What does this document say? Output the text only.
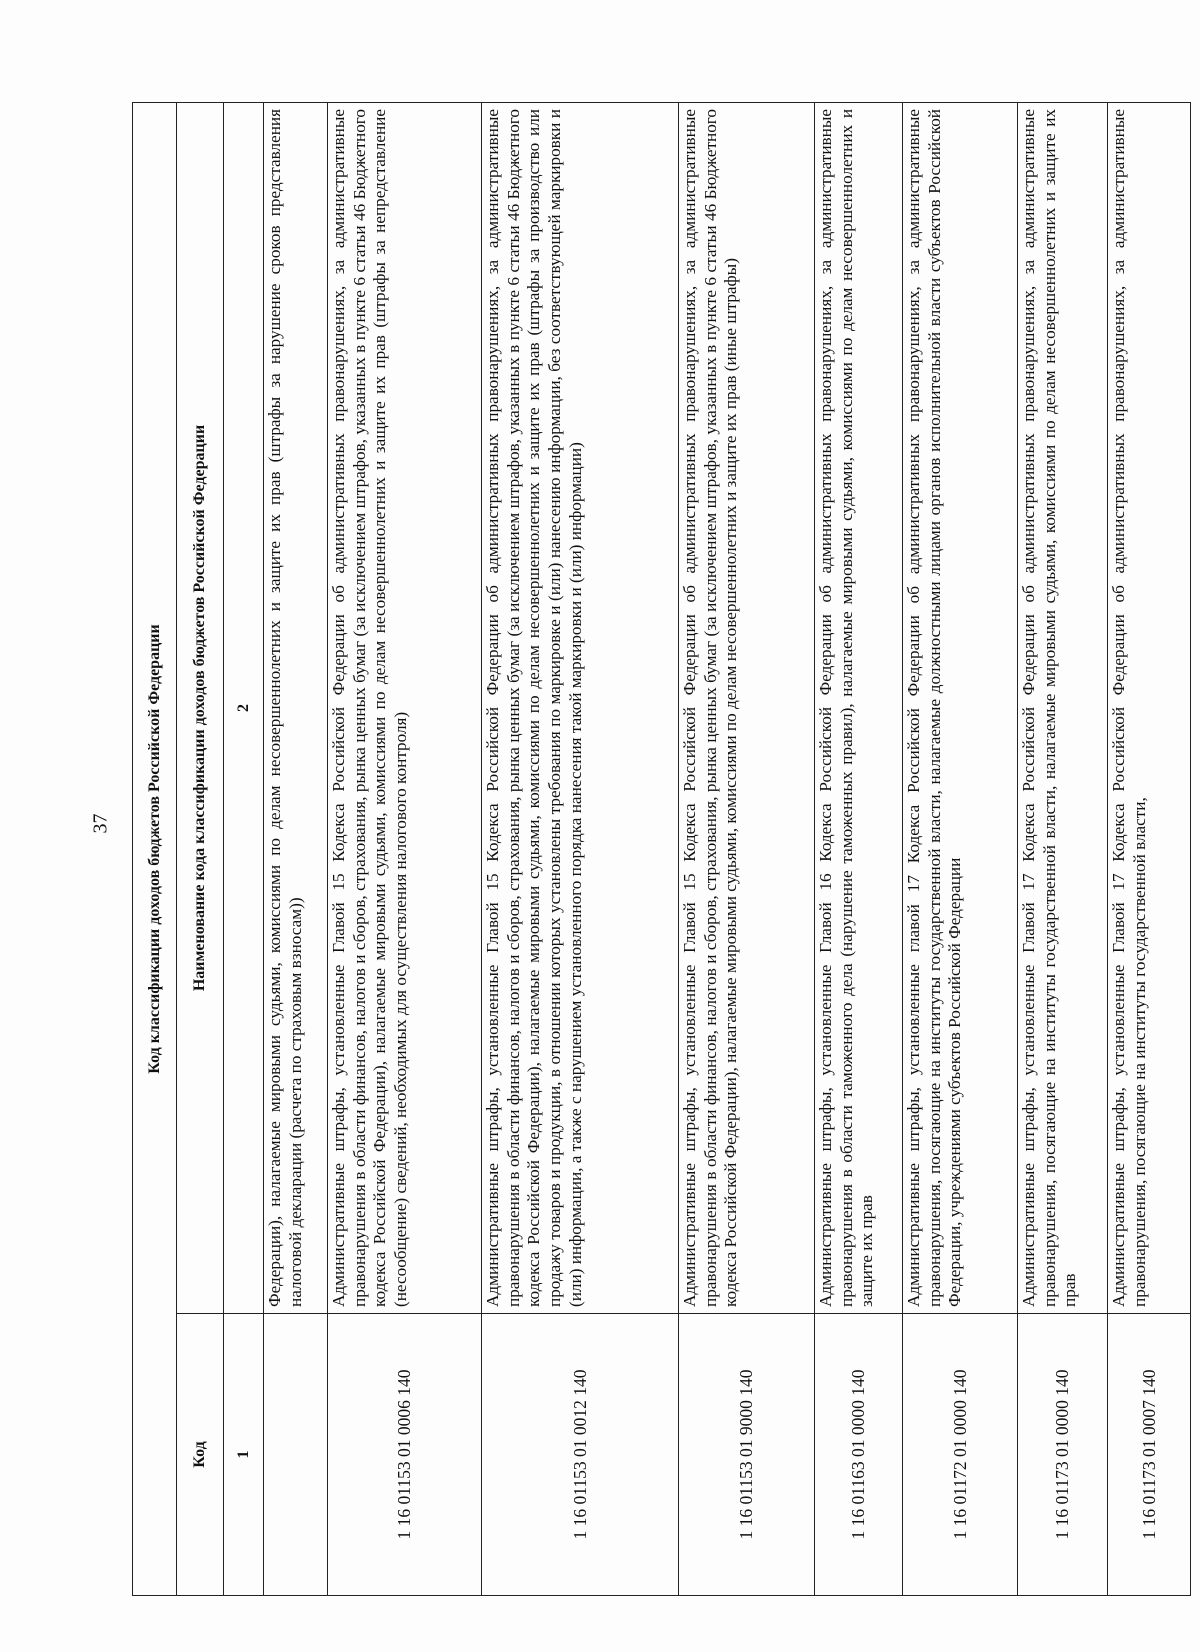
37 Код классификации доходов бюджетов Российской Федерации	
Код	Наименование кода классификации доходов бюджетов Российской Федерации
1	2
	Федерации), налагаемые мировыми судьями, комиссиями по делам несовершеннолетних и защите их прав (штрафы за нарушение сроков представления налоговой декларации (расчета по страховым взносам))
1 16 01153 01 0006 140	Административные штрафы, установленные Главой 15 Кодекса Российской Федерации об административных правонарушениях, за административные правонарушения в области финансов, налогов и сборов, страхования, рынка ценных бумаг (за исключением штрафов, указанных в пункте 6 статьи 46 Бюджетного кодекса Российской Федерации), налагаемые мировыми судьями, комиссиями по делам несовершеннолетних и защите их прав (штрафы за непредставление (несообщение) сведений, необходимых для осуществления налогового контроля)
1 16 01153 01 0012 140	Административные штрафы, установленные Главой 15 Кодекса Российской Федерации об административных правонарушениях, за административные правонарушения в области финансов, налогов и сборов, страхования, рынка ценных бумаг (за исключением штрафов, указанных в пункте 6 статьи 46 Бюджетного кодекса Российской Федерации), налагаемые мировыми судьями, комиссиями по делам несовершеннолетних и защите их прав (штрафы за производство или продажу товаров и продукции, в отношении которых установлены требования по маркировке и (или) нанесению информации, без соответствующей маркировки и (или) информации, а также с нарушением установленного порядка нанесения такой маркировки и (или) информации)
1 16 01153 01 9000 140	Административные штрафы, установленные Главой 15 Кодекса Российской Федерации об административных правонарушениях, за административные правонарушения в области финансов, налогов и сборов, страхования, рынка ценных бумаг (за исключением штрафов, указанных в пункте 6 статьи 46 Бюджетного кодекса Российской Федерации), налагаемые мировыми судьями, комиссиями по делам несовершеннолетних и защите их прав (иные штрафы)
1 16 01163 01 0000 140	Административные штрафы, установленные Главой 16 Кодекса Российской Федерации об административных правонарушениях, за административные правонарушения в области таможенного дела (нарушение таможенных правил), налагаемые мировыми судьями, комиссиями по делам несовершеннолетних и защите их прав
1 16 01172 01 0000 140	Административные штрафы, установленные главой 17 Кодекса Российской Федерации об административных правонарушениях, за административные правонарушения, посягающие на институты государственной власти, налагаемые должностными лицами органов исполнительной власти субъектов Российской Федерации, учреждениями субъектов Российской Федерации
1 16 01173 01 0000 140	Административные штрафы, установленные Главой 17 Кодекса Российской Федерации об административных правонарушениях, за административные правонарушения, посягающие на институты государственной власти, налагаемые мировыми судьями, комиссиями по делам несовершеннолетних и защите их прав
1 16 01173 01 0007 140	Административные штрафы, установленные Главой 17 Кодекса Российской Федерации об административных правонарушениях, за административные правонарушения, посягающие на институты государственной власти,
